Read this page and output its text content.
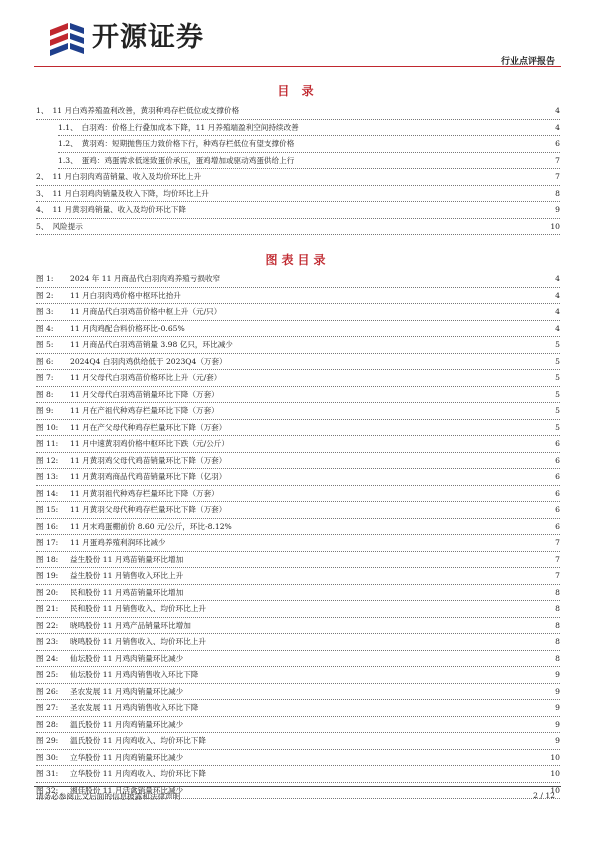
开源证券
行业点评报告
目 录
1、 11 月白鸡养殖盈利改善，黄羽种鸡存栏低位或支撑价格	4
1.1、 白羽鸡：价格上行叠加成本下降，11 月养殖端盈利空间持续改善	4
1.2、 黄羽鸡：短期抛售压力致价格下行，种鸡存栏低位有望支撑价格	6
1.3、 蛋鸡：鸡蛋需求低迷致蛋价承压，蛋鸡增加或驱动鸡蛋供给上行	7
2、 11 月白羽肉鸡苗销量、收入及均价环比上升	7
3、 11 月白羽鸡肉销量及收入下降，均价环比上升	8
4、 11 月黄羽鸡销量、收入及均价环比下降	9
5、 风险提示	10
图表目录
图 1:	2024 年 11 月商品代白羽肉鸡养殖亏损收窄	4
图 2:	11 月白羽肉鸡价格中枢环比抬升	4
图 3:	11 月商品代白羽鸡苗价格中枢上升（元/只）	4
图 4:	11 月肉鸡配合料价格环比-0.65%	4
图 5:	11 月商品代白羽鸡苗销量 3.98 亿只，环比减少	5
图 6:	2024Q4 白羽肉鸡供给低于 2023Q4（万套）	5
图 7:	11 月父母代白羽鸡苗价格环比上升（元/套）	5
图 8:	11 月父母代白羽鸡苗销量环比下降（万套）	5
图 9:	11 月在产祖代种鸡存栏量环比下降（万套）	5
图 10:	11 月在产父母代种鸡存栏量环比下降（万套）	5
图 11:	11 月中速黄羽鸡价格中枢环比下跌（元/公斤）	6
图 12:	11 月黄羽鸡父母代鸡苗销量环比下降（万套）	6
图 13:	11 月黄羽鸡商品代鸡苗销量环比下降（亿羽）	6
图 14:	11 月黄羽祖代种鸡存栏量环比下降（万套）	6
图 15:	11 月黄羽父母代种鸡存栏量环比下降（万套）	6
图 16:	11 月末鸡蛋棚前价 8.60 元/公斤，环比-8.12%	6
图 17:	11 月蛋鸡养殖利润环比减少	7
图 18:	益生股份 11 月鸡苗销量环比增加	7
图 19:	益生股份 11 月销售收入环比上升	7
图 20:	民和股份 11 月鸡苗销量环比增加	8
图 21:	民和股份 11 月销售收入、均价环比上升	8
图 22:	晓鸣股份 11 月鸡产品销量环比增加	8
图 23:	晓鸣股份 11 月销售收入、均价环比上升	8
图 24:	仙坛股份 11 月鸡肉销量环比减少	8
图 25:	仙坛股份 11 月鸡肉销售收入环比下降	9
图 26:	圣农发展 11 月鸡肉销量环比减少	9
图 27:	圣农发展 11 月鸡肉销售收入环比下降	9
图 28:	温氏股份 11 月肉鸡销量环比减少	9
图 29:	温氏股份 11 月肉鸡收入、均价环比下降	9
图 30:	立华股份 11 月肉鸡销量环比减少	10
图 31:	立华股份 11 月肉鸡收入、均价环比下降	10
图 32:	湘佳股份 11 月活禽销量环比减少	10
请务必参阅正文后面的信息披露和法律声明	2 / 12
